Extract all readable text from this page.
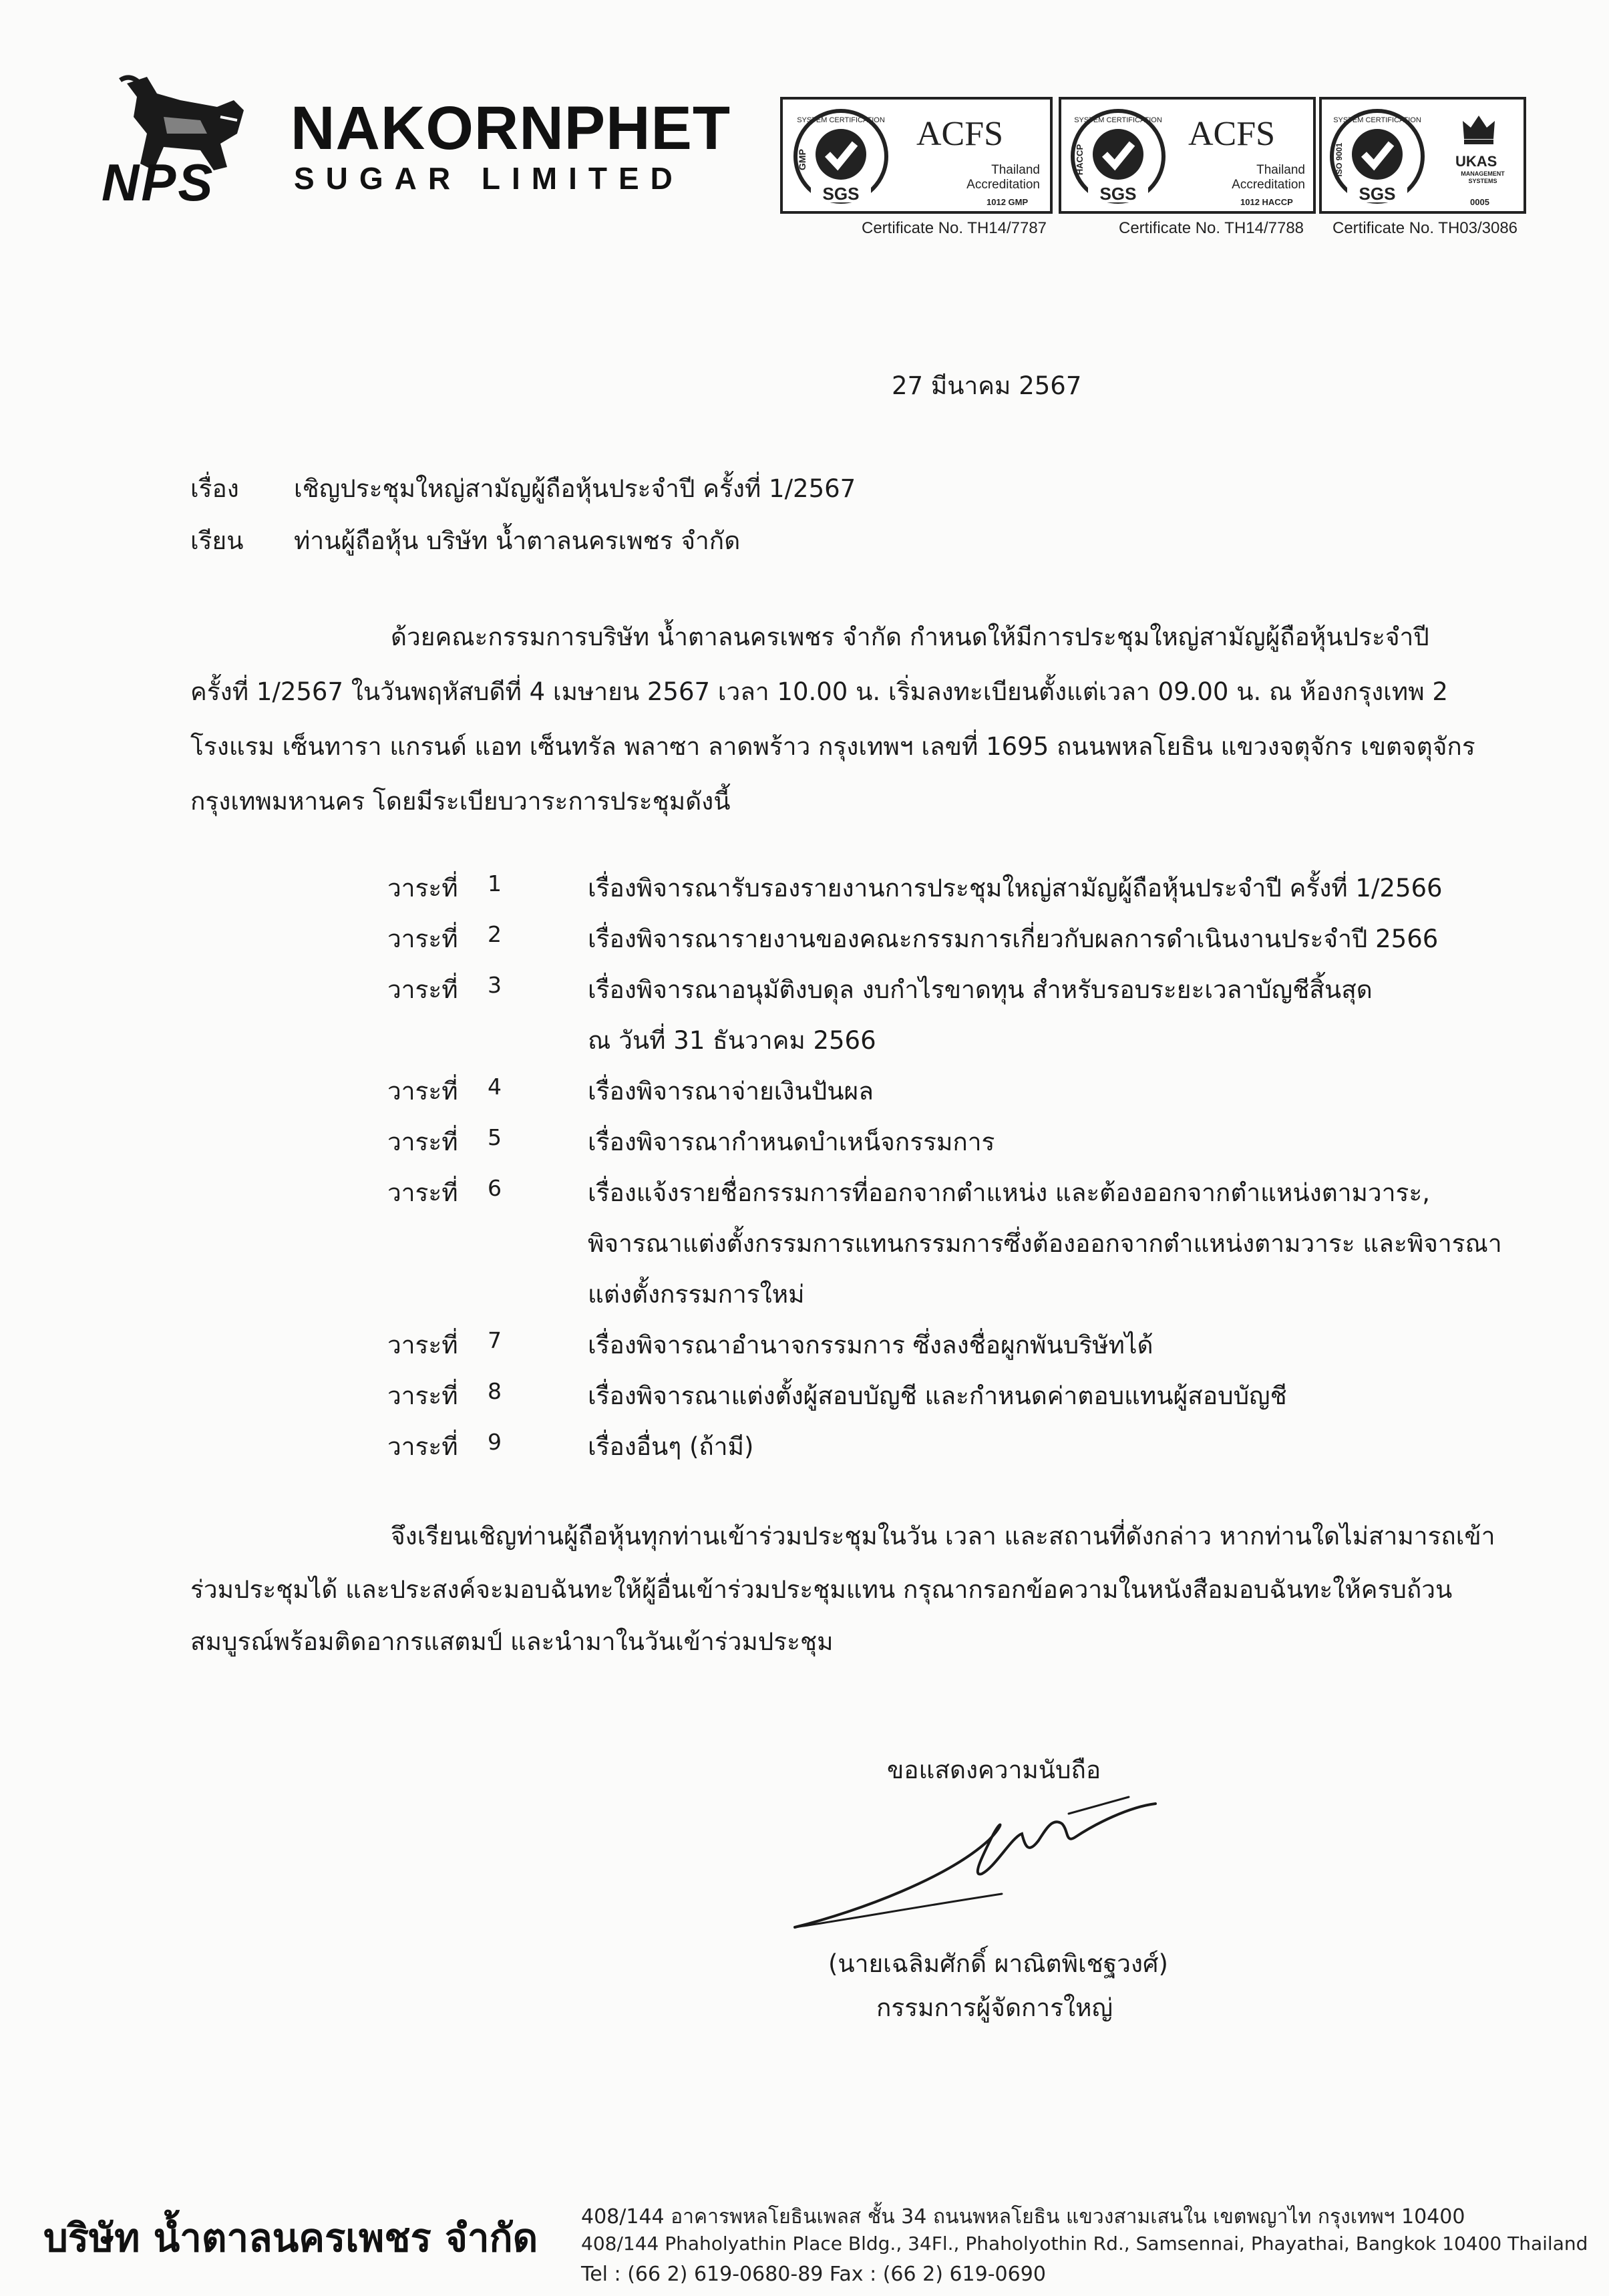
NPS
NAKORNPHET
SUGAR LIMITED	SGS
GMP
SYSTEM CERTIFICATION ACFS
Thailand
Accreditation
1012 GMP
Certificate No. TH14/7787
SGS
HACCP
SYSTEM CERTIFICATION ACFS
Thailand
Accreditation
1012 HACCP
Certificate No. TH14/7788
SGS
ISO 9001
SYSTEM CERTIFICATION
UKAS
MANAGEMENT SYSTEMS
0005
Certificate No. TH03/3086
27 มีนาคม 2567
เรื่อง เชิญประชุมใหญ่สามัญผู้ถือหุ้นประจำปี ครั้งที่ 1/2567
เรียน ท่านผู้ถือหุ้น บริษัท น้ำตาลนครเพชร จำกัด
ด้วยคณะกรรมการบริษัท น้ำตาลนครเพชร จำกัด กำหนดให้มีการประชุมใหญ่สามัญผู้ถือหุ้นประจำปี
ครั้งที่ 1/2567 ในวันพฤหัสบดีที่ 4 เมษายน 2567 เวลา 10.00 น. เริ่มลงทะเบียนตั้งแต่เวลา 09.00 น. ณ ห้องกรุงเทพ 2
โรงแรม เซ็นทารา แกรนด์ แอท เซ็นทรัล พลาซา ลาดพร้าว กรุงเทพฯ เลขที่ 1695 ถนนพหลโยธิน แขวงจตุจักร เขตจตุจักร
กรุงเทพมหานคร โดยมีระเบียบวาระการประชุมดังนี้
วาระที่ 1	เรื่องพิจารณารับรองรายงานการประชุมใหญ่สามัญผู้ถือหุ้นประจำปี ครั้งที่ 1/2566
วาระที่ 2	เรื่องพิจารณารายงานของคณะกรรมการเกี่ยวกับผลการดำเนินงานประจำปี 2566
วาระที่ 3	เรื่องพิจารณาอนุมัติงบดุล งบกำไรขาดทุน สำหรับรอบระยะเวลาบัญชีสิ้นสุด
ณ วันที่ 31 ธันวาคม 2566
วาระที่ 4	เรื่องพิจารณาจ่ายเงินปันผล
วาระที่ 5	เรื่องพิจารณากำหนดบำเหน็จกรรมการ
วาระที่ 6	เรื่องแจ้งรายชื่อกรรมการที่ออกจากตำแหน่ง และต้องออกจากตำแหน่งตามวาระ,
พิจารณาแต่งตั้งกรรมการแทนกรรมการซึ่งต้องออกจากตำแหน่งตามวาระ และพิจารณา
แต่งตั้งกรรมการใหม่
วาระที่ 7	เรื่องพิจารณาอำนาจกรรมการ ซึ่งลงชื่อผูกพันบริษัทได้
วาระที่ 8	เรื่องพิจารณาแต่งตั้งผู้สอบบัญชี และกำหนดค่าตอบแทนผู้สอบบัญชี
วาระที่ 9	เรื่องอื่นๆ (ถ้ามี)
จึงเรียนเชิญท่านผู้ถือหุ้นทุกท่านเข้าร่วมประชุมในวัน เวลา และสถานที่ดังกล่าว หากท่านใดไม่สามารถเข้า
ร่วมประชุมได้ และประสงค์จะมอบฉันทะให้ผู้อื่นเข้าร่วมประชุมแทน กรุณากรอกข้อความในหนังสือมอบฉันทะให้ครบถ้วน
สมบูรณ์พร้อมติดอากรแสตมป์ และนำมาในวันเข้าร่วมประชุม
ขอแสดงความนับถือ
(นายเฉลิมศักดิ์ ผาณิตพิเชฐวงศ์)
กรรมการผู้จัดการใหญ่
บริษัท น้ำตาลนครเพชร จำกัด 408/144 อาคารพหลโยธินเพลส ชั้น 34 ถนนพหลโยธิน แขวงสามเสนใน เขตพญาไท กรุงเทพฯ 10400
408/144 Phaholyathin Place Bldg., 34Fl., Phaholyothin Rd., Samsennai, Phayathai, Bangkok 10400 Thailand
Tel : (66 2) 619-0680-89 Fax : (66 2) 619-0690
